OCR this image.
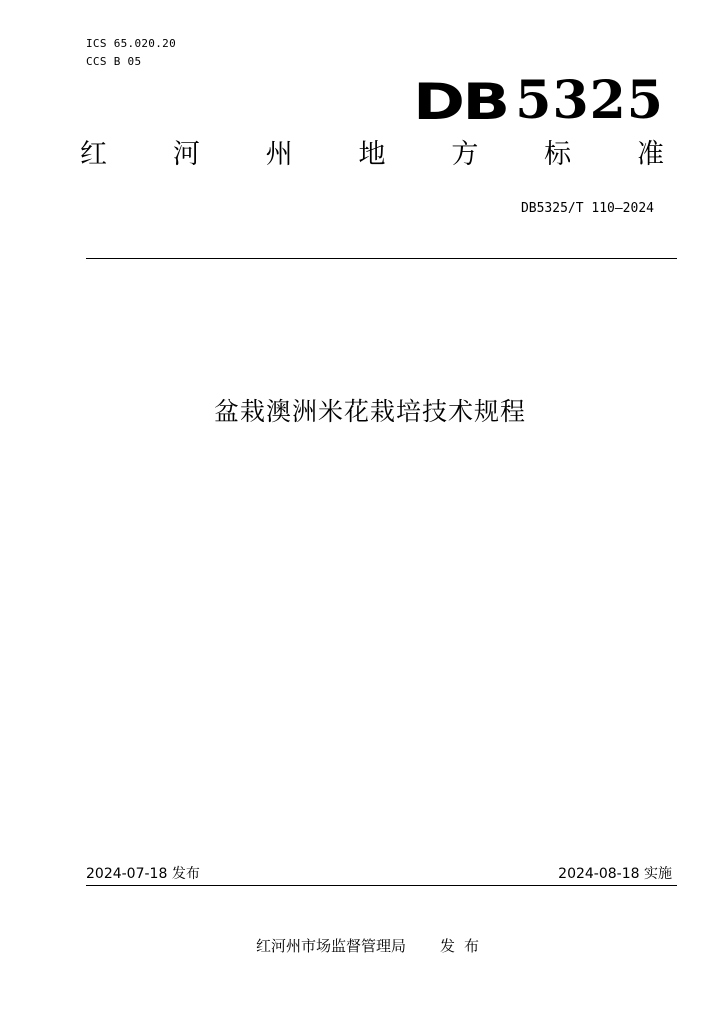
ICS 65.020.20
CCS B 05
DB 5325
红 河 州 地 方 标 准
DB5325/T 110—2024
盆栽澳洲米花栽培技术规程
2024-07-18 发布	2024-08-18 实施
红河州市场监督管理局 发布
